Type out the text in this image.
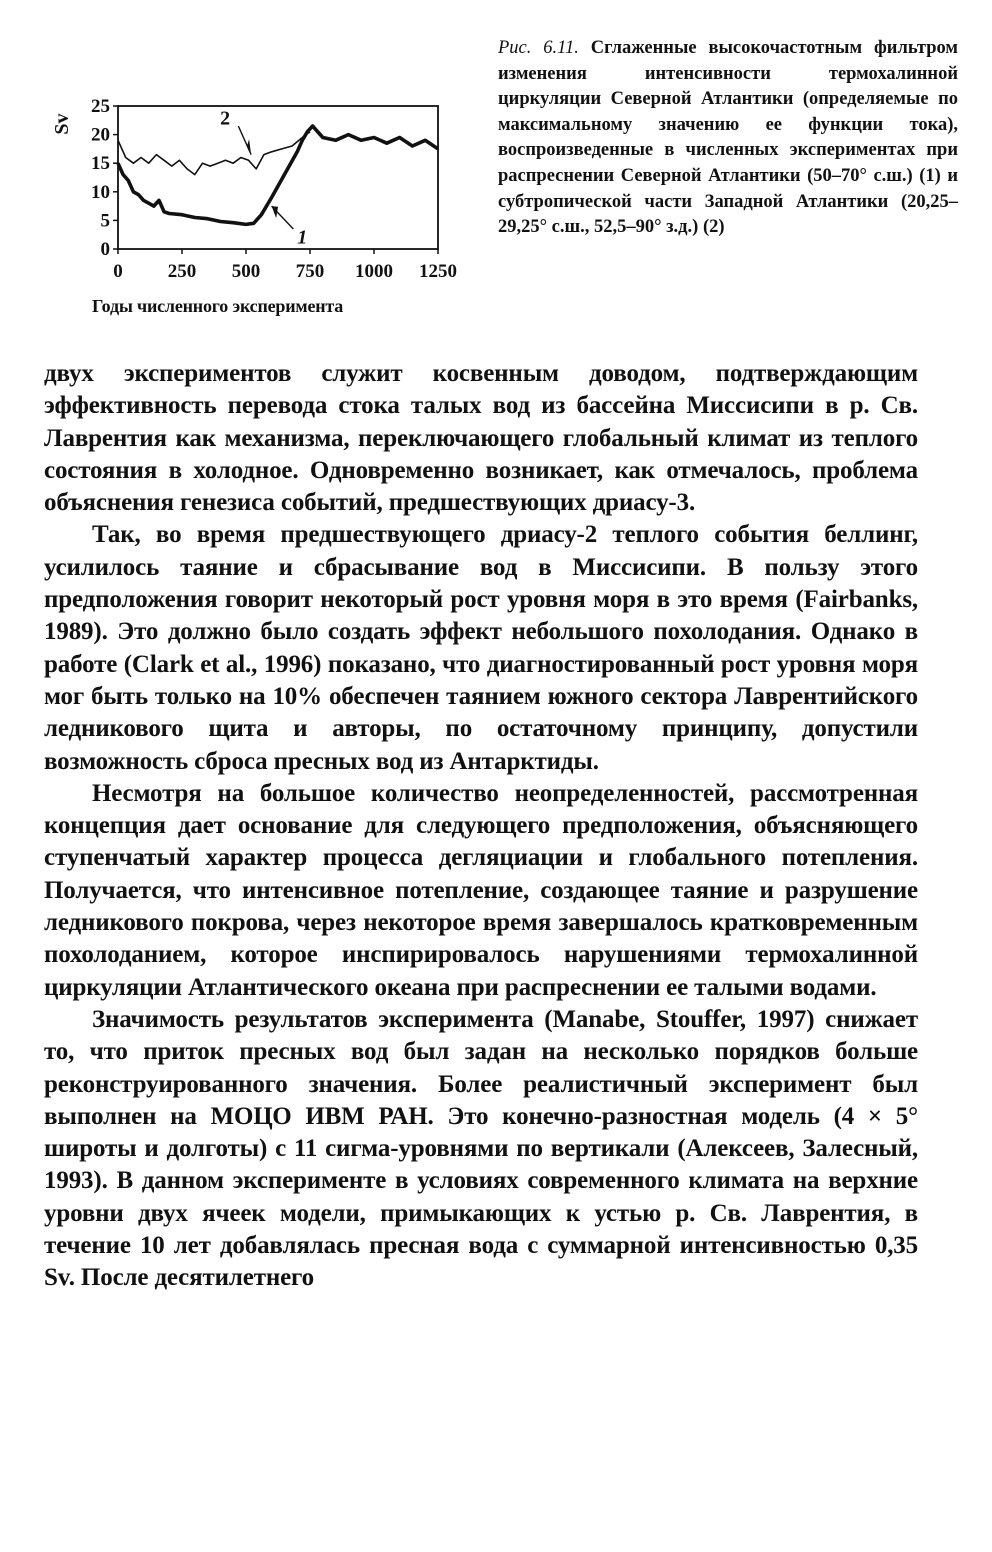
0
5
10
15
20
25
0 250 500 750 1000 1250
Sv	2
1
Годы численного эксперимента
Рис. 6.11. Сглаженные высокочастотным фильтром изменения интенсивности термохалинной циркуляции Северной Атлантики (определяемые по максимальному значению ее функции тока), воспроизведенные в численных экспериментах при распреснении Северной Атлантики (50–70° с.ш.) (1) и субтропической части Западной Атлантики (20,25–29,25° с.ш., 52,5–90° з.д.) (2)

двух экспериментов служит косвенным доводом, подтверждающим эффективность перевода стока талых вод из бассейна Миссисипи в р. Св. Лаврентия как механизма, переключающего глобальный климат из теплого состояния в холодное. Одновременно возникает, как отмечалось, проблема объяснения генезиса событий, предшествующих дриасу-3.

Так, во время предшествующего дриасу-2 теплого события беллинг, усилилось таяние и сбрасывание вод в Миссисипи. В пользу этого предположения говорит некоторый рост уровня моря в это время (Fairbanks, 1989). Это должно было создать эффект небольшого похолодания. Однако в работе (Clark et al., 1996) показано, что диагностированный рост уровня моря мог быть только на 10% обеспечен таянием южного сектора Лаврентийского ледникового щита и авторы, по остаточному принципу, допустили возможность сброса пресных вод из Антарктиды.

Несмотря на большое количество неопределенностей, рассмотренная концепция дает основание для следующего предположения, объясняющего ступенчатый характер процесса дегляциации и глобального потепления. Получается, что интенсивное потепление, создающее таяние и разрушение ледникового покрова, через некоторое время завершалось кратковременным похолоданием, которое инспирировалось нарушениями термохалинной циркуляции Атлантического океана при распреснении ее талыми водами.

Значимость результатов эксперимента (Manabe, Stouffer, 1997) снижает то, что приток пресных вод был задан на несколько порядков больше реконструированного значения. Более реалистичный эксперимент был выполнен на МОЦО ИВМ РАН. Это конечно-разностная модель (4 × 5° широты и долготы) с 11 сигма-уровнями по вертикали (Алексеев, Залесный, 1993). В данном эксперименте в условиях современного климата на верхние уровни двух ячеек модели, примыкающих к устью р. Св. Лаврентия, в течение 10 лет добавлялась пресная вода с суммарной интенсивностью 0,35 Sv. После десятилетнего
